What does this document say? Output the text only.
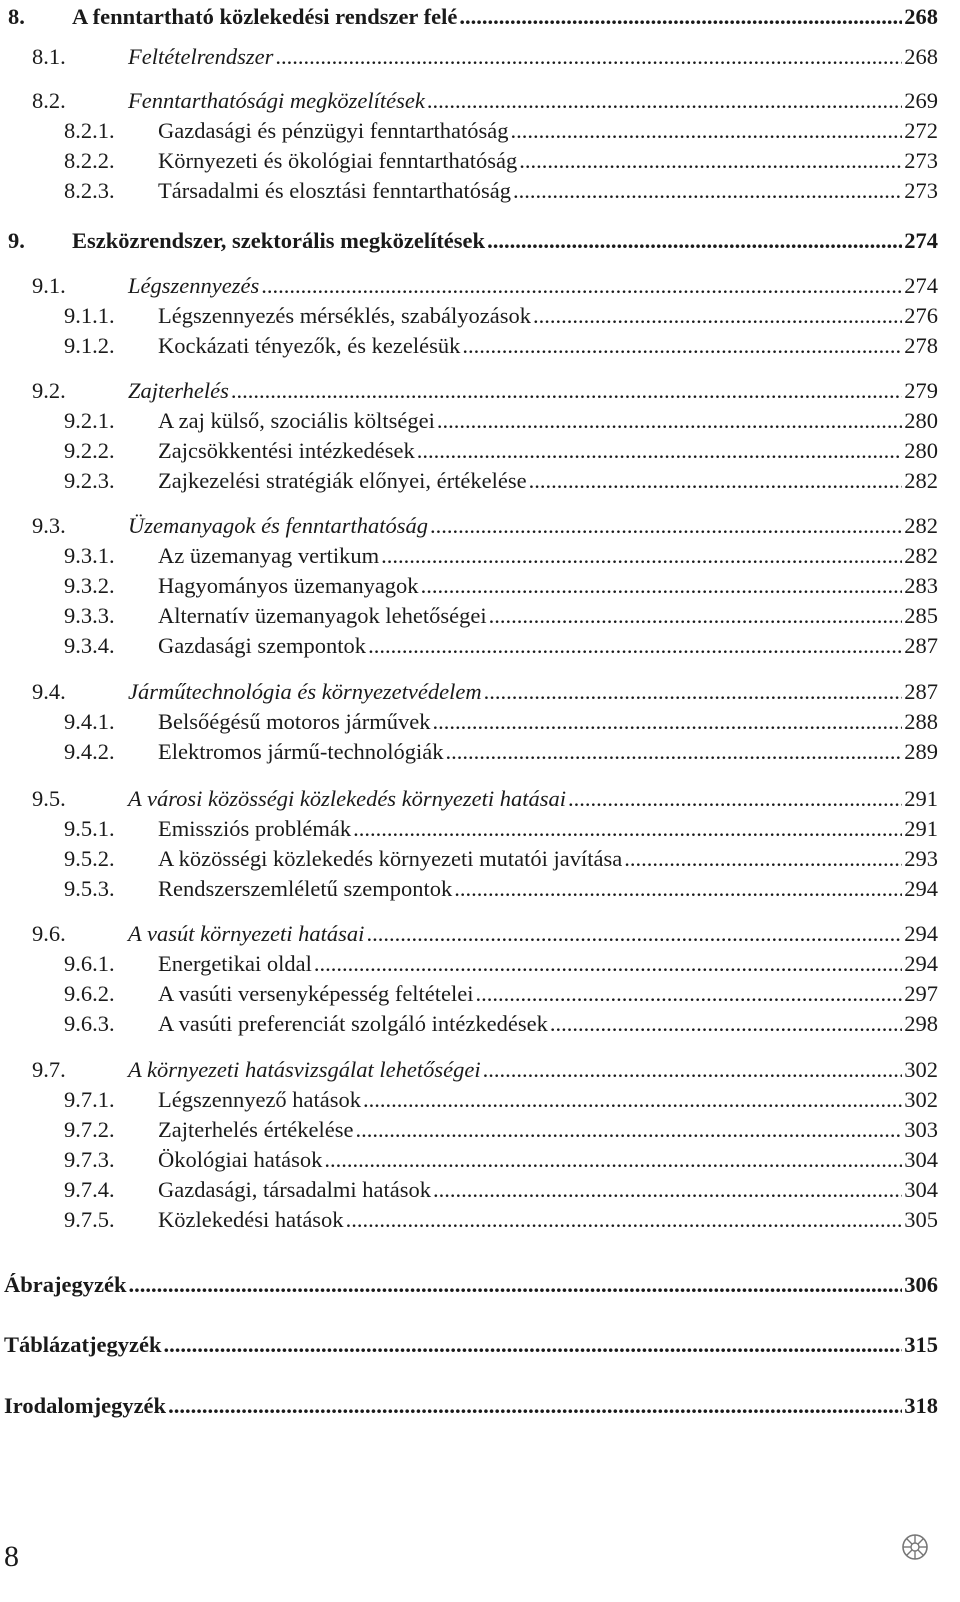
8.	A fenntartható közlekedési rendszer felé .....	268
8.1.	Feltételrendszer .....	268
8.2.	Fenntarthatósági megközelítések .....	269
8.2.1.	Gazdasági és pénzügyi fenntarthatóság .....	272
8.2.2.	Környezeti és ökológiai fenntarthatóság .....	273
8.2.3.	Társadalmi és elosztási fenntarthatóság .....	273
9.	Eszközrendszer, szektorális megközelítések .....	274
9.1.	Légszennyezés .....	274
9.1.1.	Légszennyezés mérséklés, szabályozások .....	276
9.1.2.	Kockázati tényezők, és kezelésük .....	278
9.2.	Zajterhelés .....	279
9.2.1.	A zaj külső, szociális költségei .....	280
9.2.2.	Zajcsökkentési intézkedések .....	280
9.2.3.	Zajkezelési stratégiák előnyei, értékelése .....	282
9.3.	Üzemanyagok és fenntarthatóság .....	282
9.3.1.	Az üzemanyag vertikum .....	282
9.3.2.	Hagyományos üzemanyagok .....	283
9.3.3.	Alternatív üzemanyagok lehetőségei .....	285
9.3.4.	Gazdasági szempontok .....	287
9.4.	Járműtechnológia és környezetvédelem .....	287
9.4.1.	Belsőégésű motoros járművek .....	288
9.4.2.	Elektromos jármű-technológiák .....	289
9.5.	A városi közösségi közlekedés környezeti hatásai .....	291
9.5.1.	Emissziós problémák .....	291
9.5.2.	A közösségi közlekedés környezeti mutatói javítása .....	293
9.5.3.	Rendszerszemléletű szempontok .....	294
9.6.	A vasút környezeti hatásai .....	294
9.6.1.	Energetikai oldal .....	294
9.6.2.	A vasúti versenyképesség feltételei .....	297
9.6.3.	A vasúti preferenciát szolgáló intézkedések .....	298
9.7.	A környezeti hatásvizsgálat lehetőségei .....	302
9.7.1.	Légszennyező hatások .....	302
9.7.2.	Zajterhelés értékelése .....	303
9.7.3.	Ökológiai hatások .....	304
9.7.4.	Gazdasági, társadalmi hatások .....	304
9.7.5.	Közlekedési hatások .....	305
Ábrajegyzék .....	306
Táblázatjegyzék .....	315
Irodalomjegyzék .....	318
8
